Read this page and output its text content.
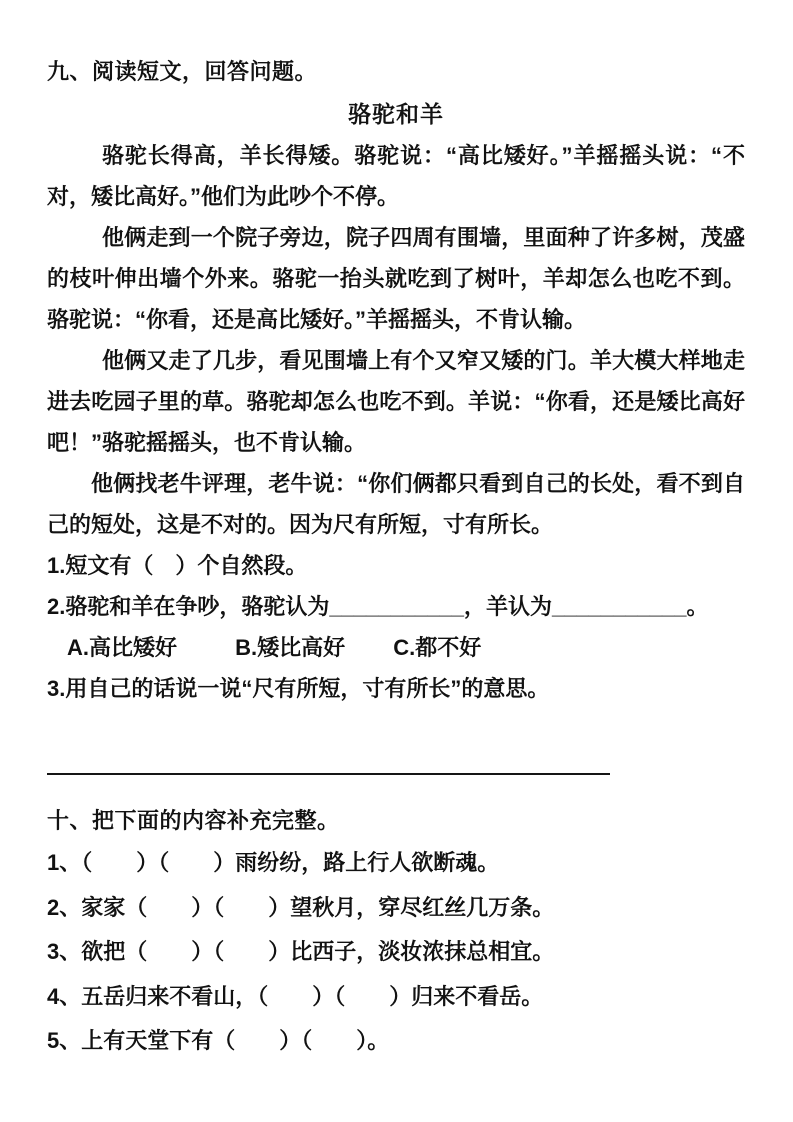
九、阅读短文，回答问题。
骆驼和羊

骆驼长得高，羊长得矮。骆驼说：“高比矮好。”羊摇摇头说：“不对，矮比高好。”他们为此吵个不停。

他俩走到一个院子旁边，院子四周有围墙，里面种了许多树，茂盛的枝叶伸出墙个外来。骆驼一抬头就吃到了树叶，羊却怎么也吃不到。骆驼说：“你看，还是高比矮好。”羊摇摇头，不肯认输。

他俩又走了几步，看见围墙上有个又窄又矮的门。羊大模大样地走进去吃园子里的草。骆驼却怎么也吃不到。羊说：“你看，还是矮比高好吧！”骆驼摇摇头，也不肯认输。

他俩找老牛评理，老牛说：“你们俩都只看到自己的长处，看不到自己的短处，这是不对的。因为尺有所短，寸有所长。

1.短文有（　）个自然段。

2.骆驼和羊在争吵，骆驼认为___________，羊认为___________。

A.高比矮好	B.矮比高好 C.都不好

3.用自己的话说一说“尺有所短，寸有所长”的意思。

十、把下面的内容补充完整。

1、（　　）（　　）雨纷纷，路上行人欲断魂。

2、家家（　　）（　　）望秋月，穿尽红丝几万条。

3、欲把（　　）（　　）比西子，淡妆浓抹总相宜。

4、五岳归来不看山，（　　）（　　）归来不看岳。

5、上有天堂下有（　　）（　　）。
